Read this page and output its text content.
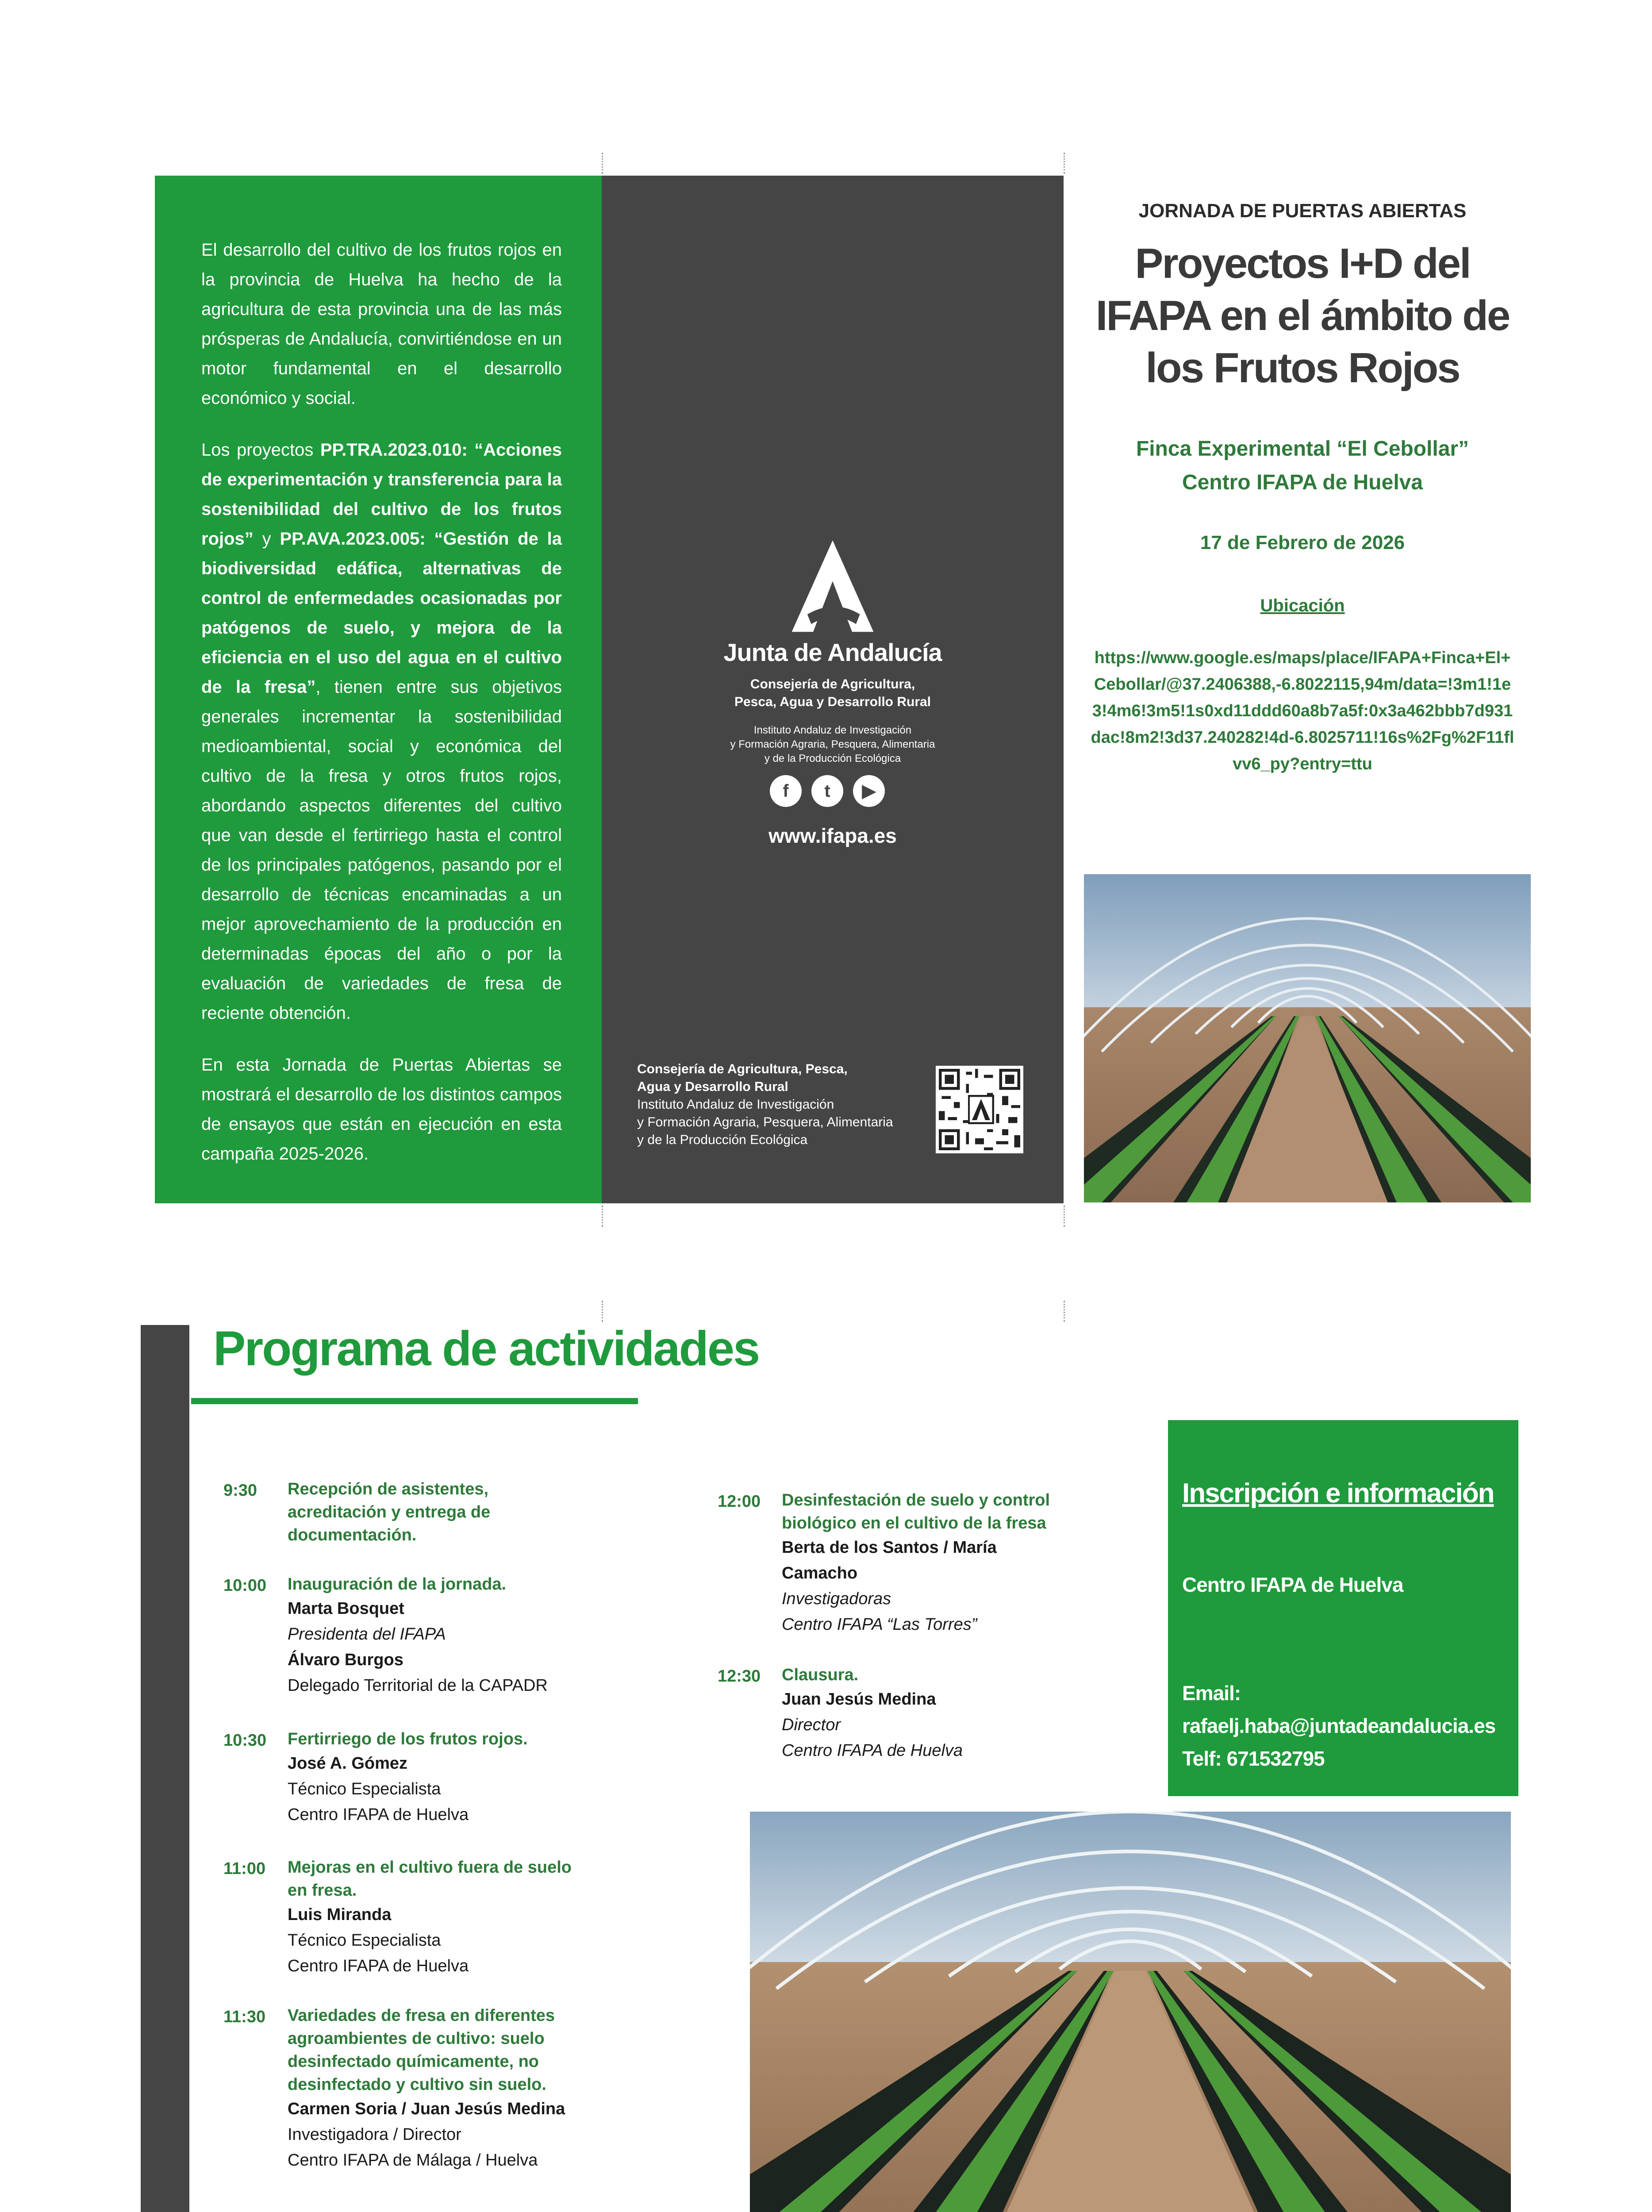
El desarrollo del cultivo de los frutos rojos en la provincia de Huelva ha hecho de la agricultura de esta provincia una de las más prósperas de Andalucía, convirtiéndose en un motor fundamental en el desarrollo económico y social.

Los proyectos PP.TRA.2023.010: “Acciones de experimentación y transferencia para la sostenibilidad del cultivo de los frutos rojos” y PP.AVA.2023.005: “Gestión de la biodiversidad edáfica, alternativas de control de enfermedades ocasionadas por patógenos de suelo, y mejora de la eficiencia en el uso del agua en el cultivo de la fresa”, tienen entre sus objetivos generales incrementar la sostenibilidad medioambiental, social y económica del cultivo de la fresa y otros frutos rojos, abordando aspectos diferentes del cultivo que van desde el fertirriego hasta el control de los principales patógenos, pasando por el desarrollo de técnicas encaminadas a un mejor aprovechamiento de la producción en determinadas épocas del año o por la evaluación de variedades de fresa de reciente obtención.

En esta Jornada de Puertas Abiertas se mostrará el desarrollo de los distintos campos de ensayos que están en ejecución en esta campaña 2025-2026.

Junta de Andalucía
Consejería de Agricultura,
Pesca, Agua y Desarrollo Rural
Instituto Andaluz de Investigación
y Formación Agraria, Pesquera, Alimentaria
y de la Producción Ecológica
f	t	▶
www.ifapa.es
Consejería de Agricultura, Pesca,
Agua y Desarrollo Rural
Instituto Andaluz de Investigación
y Formación Agraria, Pesquera, Alimentaria
y de la Producción Ecológica
JORNADA DE PUERTAS ABIERTAS
Proyectos I+D del
IFAPA en el ámbito de
los Frutos Rojos
Finca Experimental “El Cebollar”
Centro IFAPA de Huelva
17 de Febrero de 2026
Ubicación
https://www.google.es/maps/place/IFAPA+Finca+El+Cebollar/@37.2406388,-6.8022115,94m/data=!3m1!1e3!4m6!3m5!1s0xd11ddd60a8b7a5f:0x3a462bbb7d931dac!8m2!3d37.240282!4d-6.8025711!16s%2Fg%2F11flvv6_py?entry=ttu
Programa de actividades
9:30 Recepción de asistentes,
acreditación y entrega de
documentación.
10:00 Inauguración de la jornada.
Marta Bosquet
Presidenta del IFAPA
Álvaro Burgos
Delegado Territorial de la CAPADR
10:30 Fertirriego de los frutos rojos.
José A. Gómez
Técnico Especialista
Centro IFAPA de Huelva
11:00 Mejoras en el cultivo fuera de suelo
en fresa.
Luis Miranda
Técnico Especialista
Centro IFAPA de Huelva
11:30 Variedades de fresa en diferentes
agroambientes de cultivo: suelo
desinfectado químicamente, no
desinfectado y cultivo sin suelo.
Carmen Soria / Juan Jesús Medina
Investigadora / Director
Centro IFAPA de Málaga / Huelva
12:00 Desinfestación de suelo y control
biológico en el cultivo de la fresa
Berta de los Santos / María
Camacho
Investigadoras
Centro IFAPA “Las Torres”
12:30 Clausura.
Juan Jesús Medina
Director
Centro IFAPA de Huelva
Inscripción e información
Centro IFAPA de Huelva
Email:
rafaelj.haba@juntadeandalucia.es
Telf: 671532795
